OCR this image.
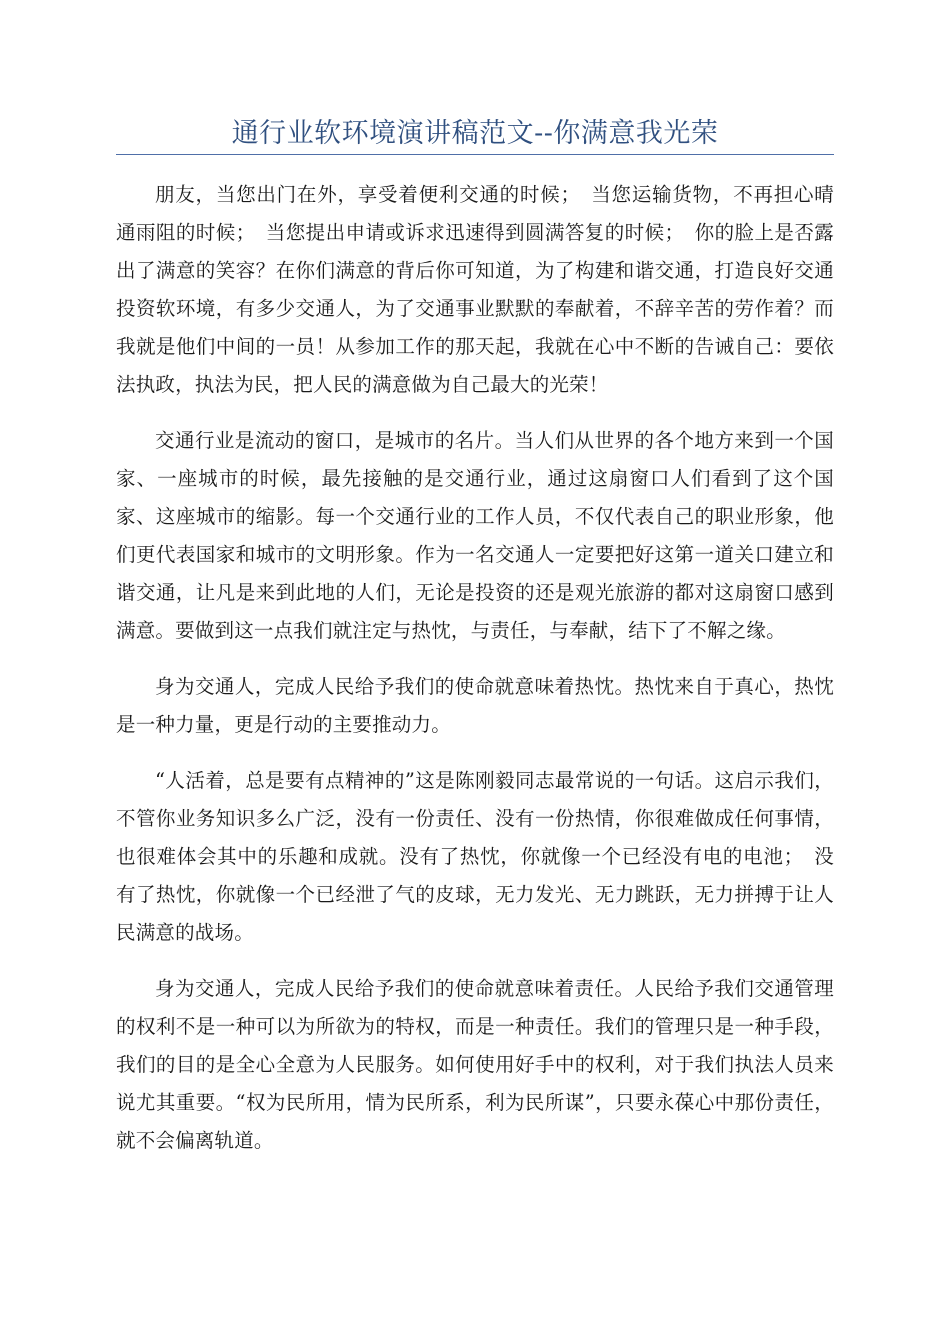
通行业软环境演讲稿范文--你满意我光荣

朋友，当您出门在外，享受着便利交通的时候；　当您运输货物，不再担心晴通雨阻的时候；　当您提出申请或诉求迅速得到圆满答复的时候；　你的脸上是否露出了满意的笑容？在你们满意的背后你可知道，为了构建和谐交通，打造良好交通投资软环境，有多少交通人，为了交通事业默默的奉献着，不辞辛苦的劳作着？而我就是他们中间的一员！从参加工作的那天起，我就在心中不断的告诫自己：要依法执政，执法为民，把人民的满意做为自己最大的光荣！

交通行业是流动的窗口，是城市的名片。当人们从世界的各个地方来到一个国家、一座城市的时候，最先接触的是交通行业，通过这扇窗口人们看到了这个国家、这座城市的缩影。每一个交通行业的工作人员，不仅代表自己的职业形象，他们更代表国家和城市的文明形象。作为一名交通人一定要把好这第一道关口建立和谐交通，让凡是来到此地的人们，无论是投资的还是观光旅游的都对这扇窗口感到满意。要做到这一点我们就注定与热忱，与责任，与奉献，结下了不解之缘。

身为交通人，完成人民给予我们的使命就意味着热忱。热忱来自于真心，热忱是一种力量，更是行动的主要推动力。

“人活着，总是要有点精神的”这是陈刚毅同志最常说的一句话。这启示我们，不管你业务知识多么广泛，没有一份责任、没有一份热情，你很难做成任何事情，也很难体会其中的乐趣和成就。没有了热忱，你就像一个已经没有电的电池；　没有了热忱，你就像一个已经泄了气的皮球，无力发光、无力跳跃，无力拼搏于让人民满意的战场。

身为交通人，完成人民给予我们的使命就意味着责任。人民给予我们交通管理的权利不是一种可以为所欲为的特权，而是一种责任。我们的管理只是一种手段，我们的目的是全心全意为人民服务。如何使用好手中的权利，对于我们执法人员来说尤其重要。“权为民所用，情为民所系，利为民所谋”，只要永葆心中那份责任，就不会偏离轨道。
